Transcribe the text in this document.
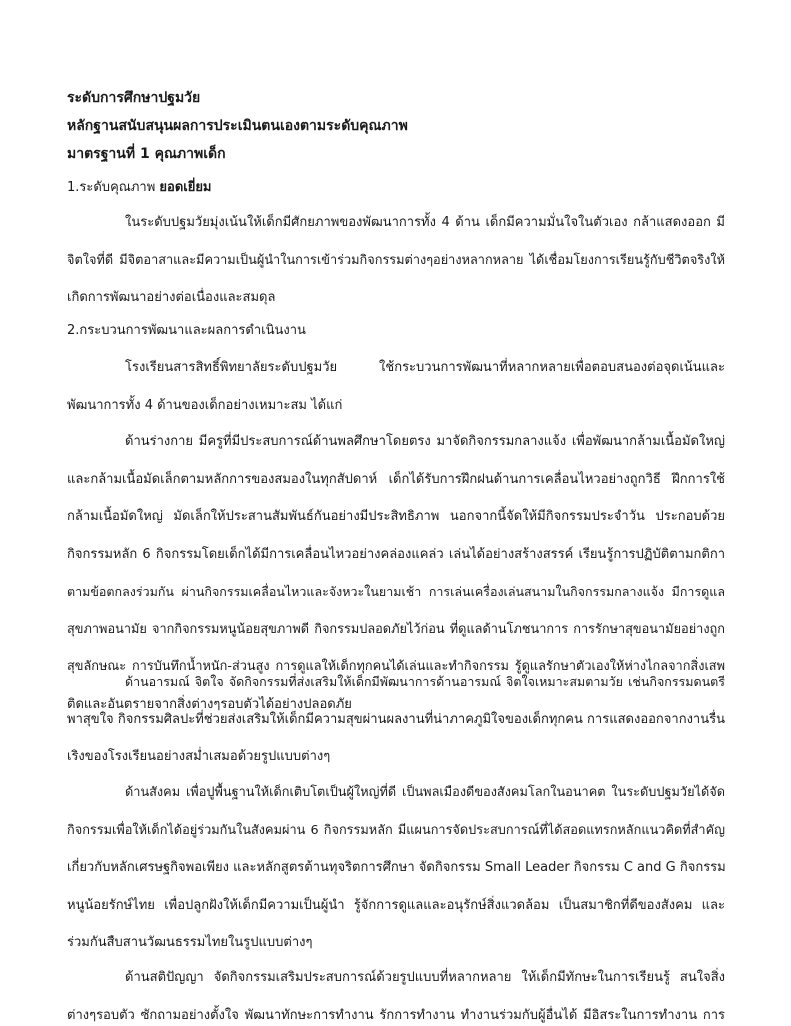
ระดับการศึกษาปฐมวัย
หลักฐานสนับสนุนผลการประเมินตนเองตามระดับคุณภาพ
มาตรฐานที่ 1 คุณภาพเด็ก
1.ระดับคุณภาพ ยอดเยี่ยม
ในระดับปฐมวัยมุ่งเน้นให้เด็กมีศักยภาพของพัฒนาการทั้ง 4 ด้าน เด็กมีความมั่นใจในตัวเอง กล้าแสดงออก มี
จิตใจที่ดี มีจิตอาสาและมีความเป็นผู้นำในการเข้าร่วมกิจกรรมต่างๆอย่างหลากหลาย ได้เชื่อมโยงการเรียนรู้กับชีวิตจริงให้
เกิดการพัฒนาอย่างต่อเนื่องและสมดุล
2.กระบวนการพัฒนาและผลการดำเนินงาน
โรงเรียนสารสิทธิ์พิทยาลัยระดับปฐมวัย ใช้กระบวนการพัฒนาที่หลากหลายเพื่อตอบสนองต่อจุดเน้นและ
พัฒนาการทั้ง 4 ด้านของเด็กอย่างเหมาะสม ได้แก่
ด้านร่างกาย มีครูที่มีประสบการณ์ด้านพลศึกษาโดยตรง มาจัดกิจกรรมกลางแจ้ง เพื่อพัฒนากล้ามเนื้อมัดใหญ่
และกล้ามเนื้อมัดเล็กตามหลักการของสมองในทุกสัปดาห์ เด็กได้รับการฝึกฝนด้านการเคลื่อนไหวอย่างถูกวิธี ฝึกการใช้
กล้ามเนื้อมัดใหญ่ มัดเล็กให้ประสานสัมพันธ์กันอย่างมีประสิทธิภาพ นอกจากนี้จัดให้มีกิจกรรมประจำวัน ประกอบด้วย
กิจกรรมหลัก 6 กิจกรรมโดยเด็กได้มีการเคลื่อนไหวอย่างคล่องแคล่ว เล่นได้อย่างสร้างสรรค์ เรียนรู้การปฏิบัติตามกติกา
ตามข้อตกลงร่วมกัน ผ่านกิจกรรมเคลื่อนไหวและจังหวะในยามเช้า การเล่นเครื่องเล่นสนามในกิจกรรมกลางแจ้ง มีการดูแล
สุขภาพอนามัย จากกิจกรรมหนูน้อยสุขภาพดี กิจกรรมปลอดภัยไว้ก่อน ที่ดูแลด้านโภชนาการ การรักษาสุขอนามัยอย่างถูก
สุขลักษณะ การบันทึกน้ำหนัก-ส่วนสูง การดูแลให้เด็กทุกคนได้เล่นและทำกิจกรรม รู้ดูแลรักษาตัวเองให้ห่างไกลจากสิ่งเสพ
ติดและอันตรายจากสิ่งต่างๆรอบตัวได้อย่างปลอดภัย
ด้านอารมณ์ จิตใจ จัดกิจกรรมที่ส่งเสริมให้เด็กมีพัฒนาการด้านอารมณ์ จิตใจเหมาะสมตามวัย เช่นกิจกรรมดนตรี
พาสุขใจ กิจกรรมศิลปะที่ช่วยส่งเสริมให้เด็กมีความสุขผ่านผลงานที่น่าภาคภูมิใจของเด็กทุกคน การแสดงออกจากงานรื่น
เริงของโรงเรียนอย่างสม่ำเสมอด้วยรูปแบบต่างๆ
ด้านสังคม เพื่อปูพื้นฐานให้เด็กเติบโตเป็นผู้ใหญ่ที่ดี เป็นพลเมืองดีของสังคมโลกในอนาคต ในระดับปฐมวัยได้จัด
กิจกรรมเพื่อให้เด็กได้อยู่ร่วมกันในสังคมผ่าน 6 กิจกรรมหลัก มีแผนการจัดประสบการณ์ที่ได้สอดแทรกหลักแนวคิดที่สำคัญ
เกี่ยวกับหลักเศรษฐกิจพอเพียง และหลักสูตรต้านทุจริตการศึกษา จัดกิจกรรม Small Leader กิจกรรม C and G กิจกรรม
หนูน้อยรักษ์ไทย เพื่อปลูกฝังให้เด็กมีความเป็นผู้นำ รู้จักการดูแลและอนุรักษ์สิ่งแวดล้อม เป็นสมาชิกที่ดีของสังคม และ
ร่วมกันสืบสานวัฒนธรรมไทยในรูปแบบต่างๆ
ด้านสติปัญญา จัดกิจกรรมเสริมประสบการณ์ด้วยรูปแบบที่หลากหลาย ให้เด็กมีทักษะในการเรียนรู้ สนใจสิ่ง
ต่างๆรอบตัว ซักถามอย่างตั้งใจ พัฒนาทักษะการทำงาน รักการทำงาน ทำงานร่วมกับผู้อื่นได้ มีอิสระในการทำงาน การ
